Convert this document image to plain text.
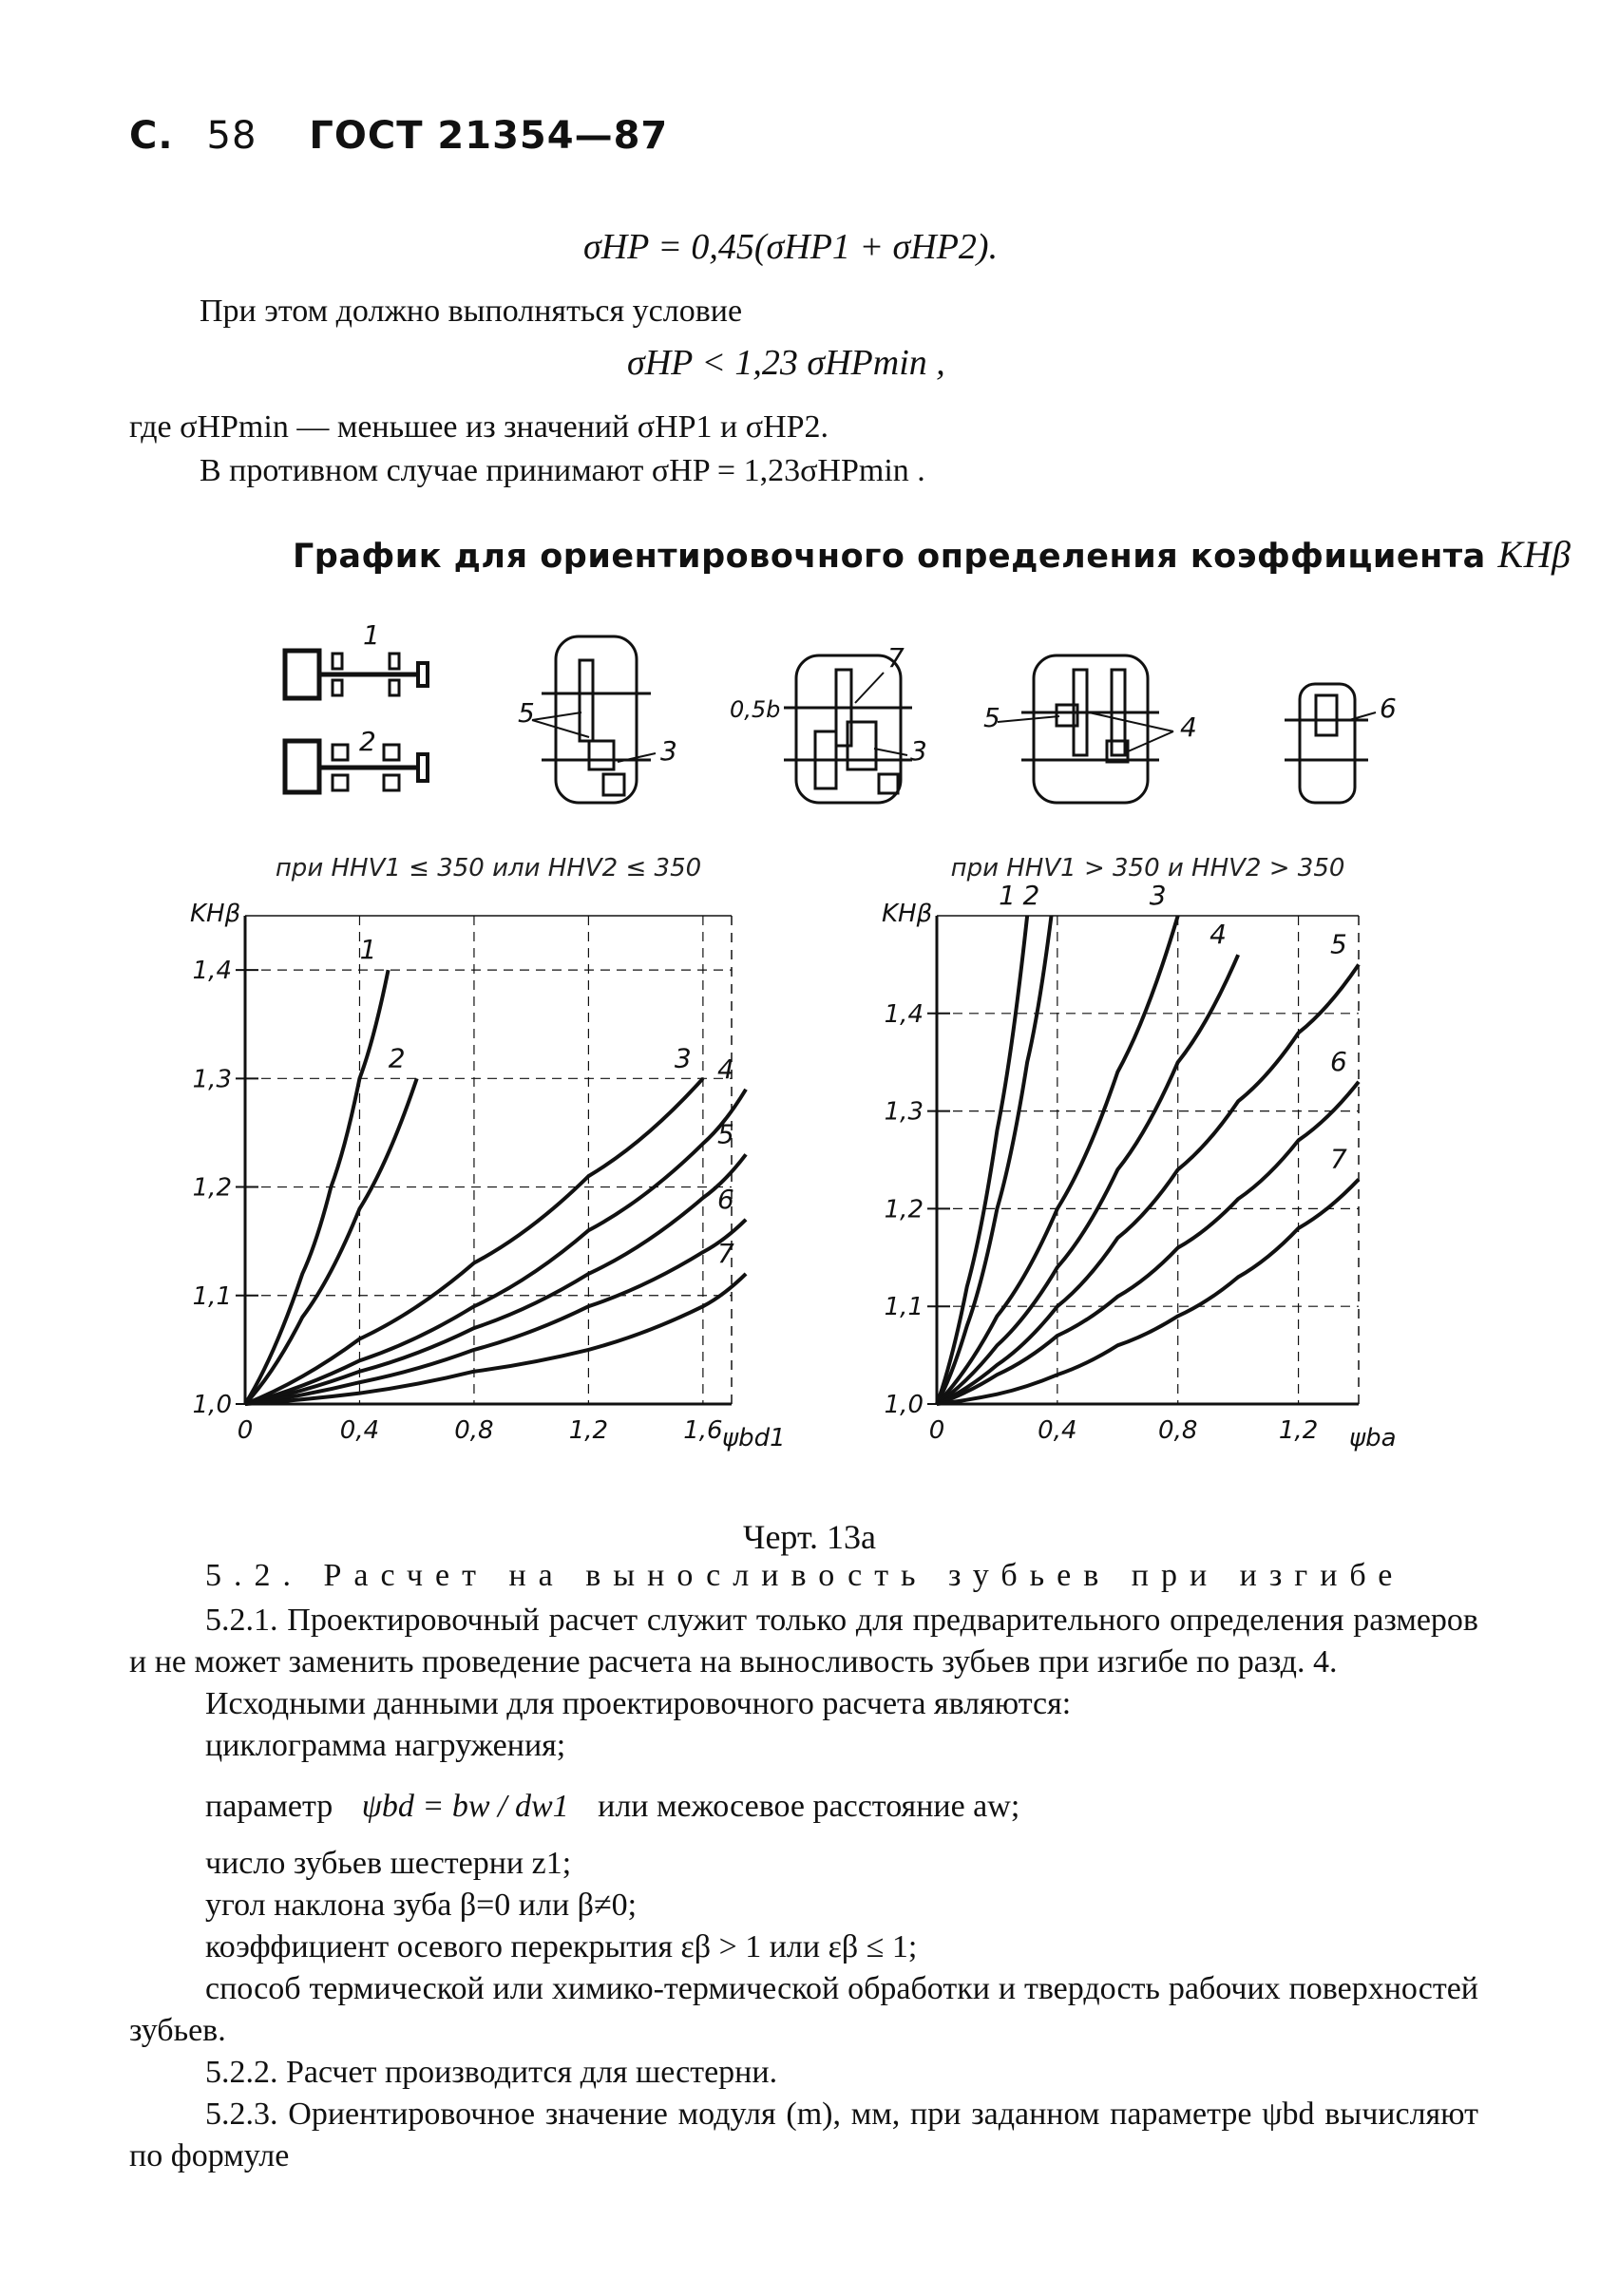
С. 58 ГОСТ 21354—87
σHP = 0,45(σHP1 + σHP2).
При этом должно выполняться условие
σHP < 1,23 σHPmin ,
где σHPmin — меньшее из значений σHP1 и σHP2.
В противном случае принимают σHP = 1,23σHPmin .
График для ориентировочного определения коэффициента KHβ
1
2
5
3
0,5b
7
3
5	4
6
при HHV1 ≤ 350 или HHV2 ≤ 350
1,0
1,1
1,2
1,3
1,4
0	0,4	0,8	1,2	1,6
KHβ
ψbd1
1
2	3 4
5
6
7
при HHV1 > 350 и HHV2 > 350
1,0
1,1
1,2
1,3
1,4
0	0,4	0,8	1,2
KHβ
ψba
1 2	3
4	5
6
7
Черт. 13а
5.2. Расчет на выносливость зубьев при изгибе

5.2.1. Проектировочный расчет служит только для предварительного определения размеров и не может заменить проведение расчета на выносливость зубьев при изгибе по разд. 4.

Исходными данными для проектировочного расчета являются:

циклограмма нагружения;

параметр ψbd = bw / dw1 или межосевое расстояние aw;

число зубьев шестерни z1;

угол наклона зуба β=0 или β≠0;

коэффициент осевого перекрытия εβ > 1 или εβ ≤ 1;

способ термической или химико-термической обработки и твердость рабочих поверхностей зубьев.

5.2.2. Расчет производится для шестерни.

5.2.3. Ориентировочное значение модуля (m), мм, при заданном параметре ψbd вычисляют по формуле
